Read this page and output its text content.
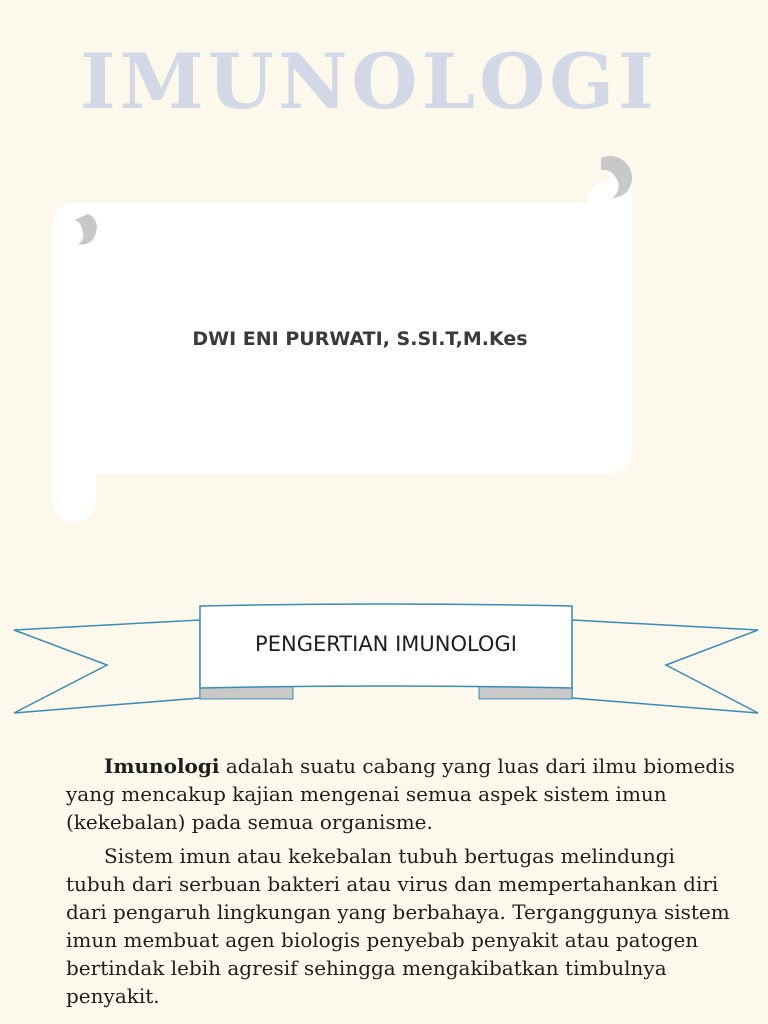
IMUNOLOGI

DWI ENI PURWATI, S.SI.T,M.Kes

PENGERTIAN IMUNOLOGI

Imunologi adalah suatu cabang yang luas dari ilmu biomedis yang mencakup kajian mengenai semua aspek sistem imun (kekebalan) pada semua organisme.

Sistem imun atau kekebalan tubuh bertugas melindungi tubuh dari serbuan bakteri atau virus dan mempertahankan diri dari pengaruh lingkungan yang berbahaya. Terganggunya sistem imun membuat agen biologis penyebab penyakit atau patogen bertindak lebih agresif sehingga mengakibatkan timbulnya penyakit.
